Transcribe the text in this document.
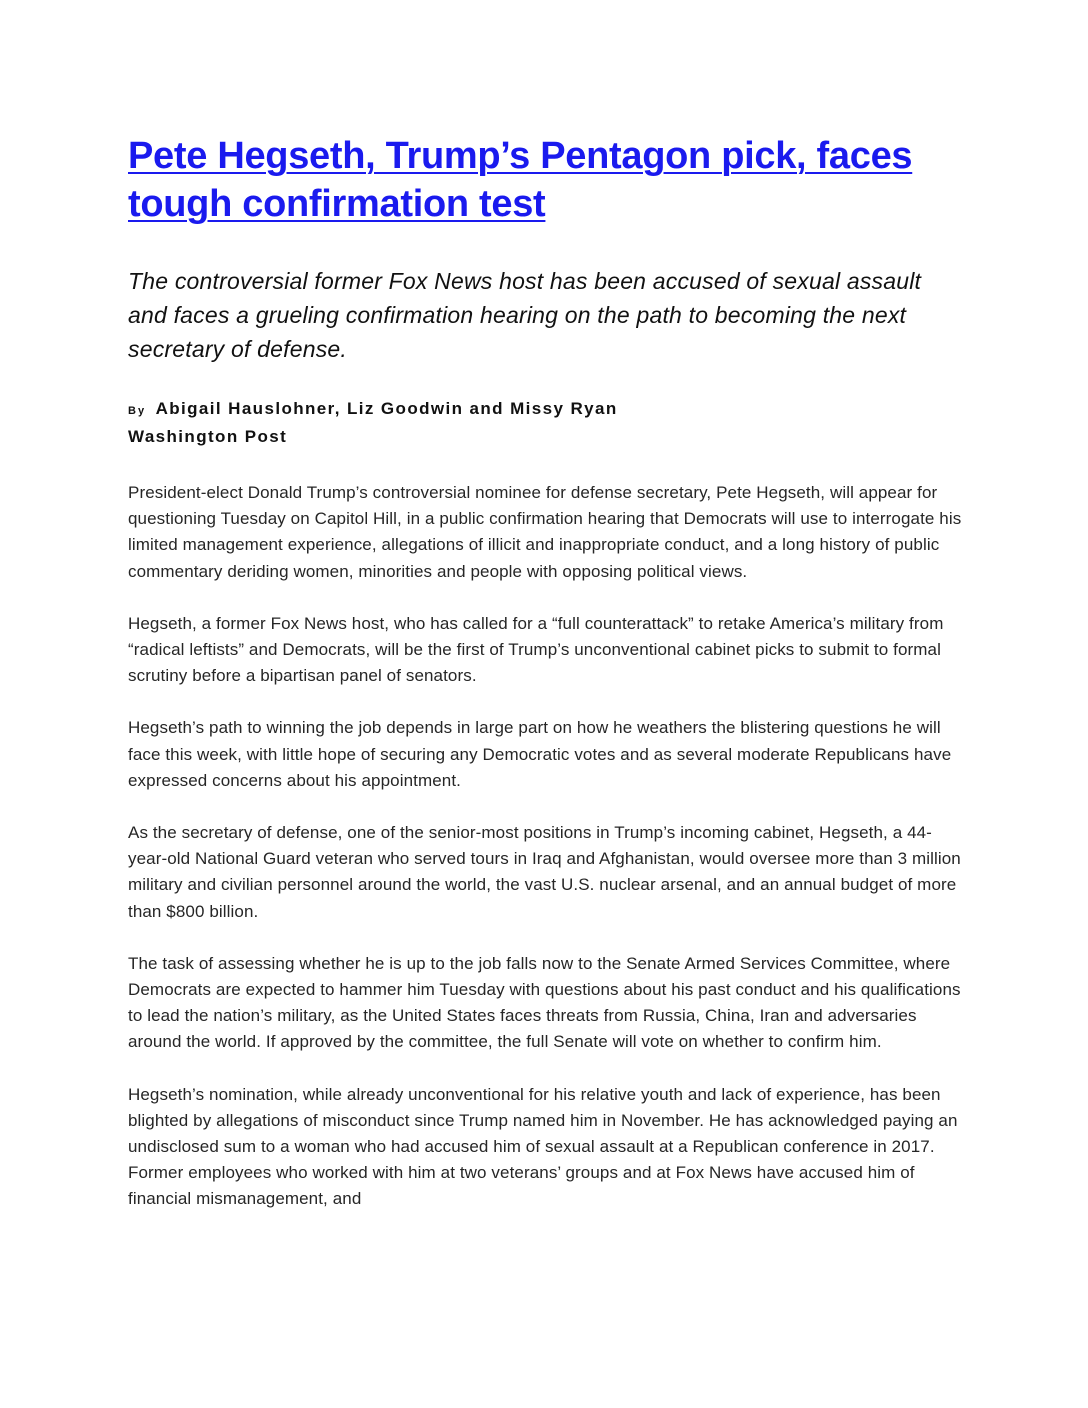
Pete Hegseth, Trump’s Pentagon pick, faces tough confirmation test

The controversial former Fox News host has been accused of sexual assault and faces a grueling confirmation hearing on the path to becoming the next secretary of defense.

By Abigail Hauslohner, Liz Goodwin and Missy Ryan
Washington Post

President-elect Donald Trump’s controversial nominee for defense secretary, Pete Hegseth, will appear for questioning Tuesday on Capitol Hill, in a public confirmation hearing that Democrats will use to interrogate his limited management experience, allegations of illicit and inappropriate conduct, and a long history of public commentary deriding women, minorities and people with opposing political views.

Hegseth, a former Fox News host, who has called for a “full counterattack” to retake America’s military from “radical leftists” and Democrats, will be the first of Trump’s unconventional cabinet picks to submit to formal scrutiny before a bipartisan panel of senators.

Hegseth’s path to winning the job depends in large part on how he weathers the blistering questions he will face this week, with little hope of securing any Democratic votes and as several moderate Republicans have expressed concerns about his appointment.

As the secretary of defense, one of the senior-most positions in Trump’s incoming cabinet, Hegseth, a 44-year-old National Guard veteran who served tours in Iraq and Afghanistan, would oversee more than 3 million military and civilian personnel around the world, the vast U.S. nuclear arsenal, and an annual budget of more than $800 billion.

The task of assessing whether he is up to the job falls now to the Senate Armed Services Committee, where Democrats are expected to hammer him Tuesday with questions about his past conduct and his qualifications to lead the nation’s military, as the United States faces threats from Russia, China, Iran and adversaries around the world. If approved by the committee, the full Senate will vote on whether to confirm him.

Hegseth’s nomination, while already unconventional for his relative youth and lack of experience, has been blighted by allegations of misconduct since Trump named him in November. He has acknowledged paying an undisclosed sum to a woman who had accused him of sexual assault at a Republican conference in 2017. Former employees who worked with him at two veterans’ groups and at Fox News have accused him of financial mismanagement, and
